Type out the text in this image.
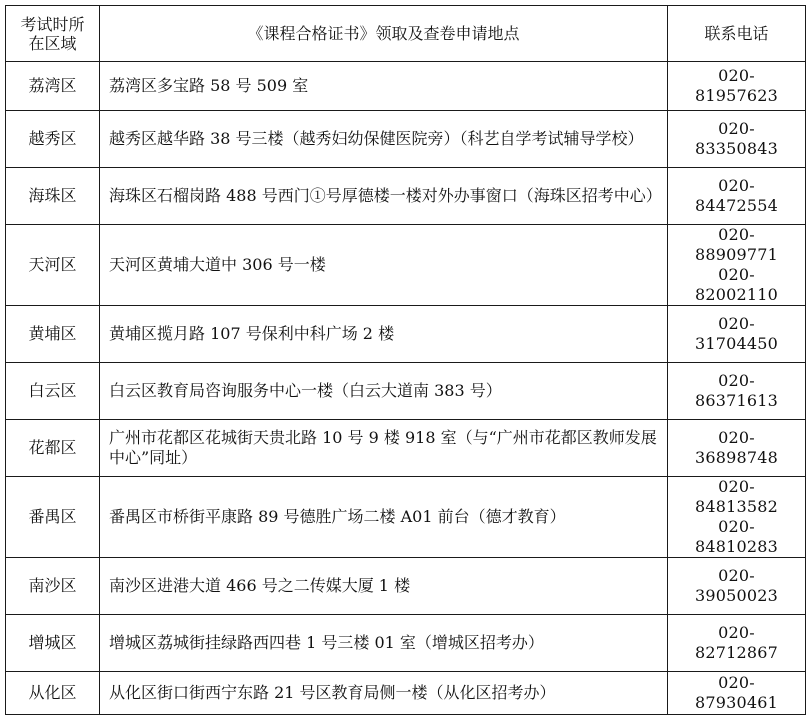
考试时所
在区域	《课程合格证书》领取及查卷申请地点	联系电话
荔湾区	荔湾区多宝路 58 号 509 室	020-81957623

越秀区	越秀区越华路 38 号三楼（越秀妇幼保健医院旁）（科艺自学考试辅导学校）	020-83350843

海珠区	海珠区石榴岗路 488 号西门①号厚德楼一楼对外办事窗口（海珠区招考中心）	020-84472554

天河区	天河区黄埔大道中 306 号一楼	020-88909771
020-82002110

黄埔区	黄埔区揽月路 107 号保利中科广场 2 楼	020-31704450

白云区	白云区教育局咨询服务中心一楼（白云大道南 383 号）	020-86371613

花都区	广州市花都区花城街天贵北路 10 号 9 楼 918 室（与“广州市花都区教师发展中心”同址）	020-36898748

番禺区	番禺区市桥街平康路 89 号德胜广场二楼 A01 前台（德才教育）	020-84813582
020-84810283

南沙区	南沙区进港大道 466 号之二传媒大厦 1 楼	020-39050023

增城区	增城区荔城街挂绿路西四巷 1 号三楼 01 室（增城区招考办）	020-82712867

从化区	从化区街口街西宁东路 21 号区教育局侧一楼（从化区招考办）	020-87930461
